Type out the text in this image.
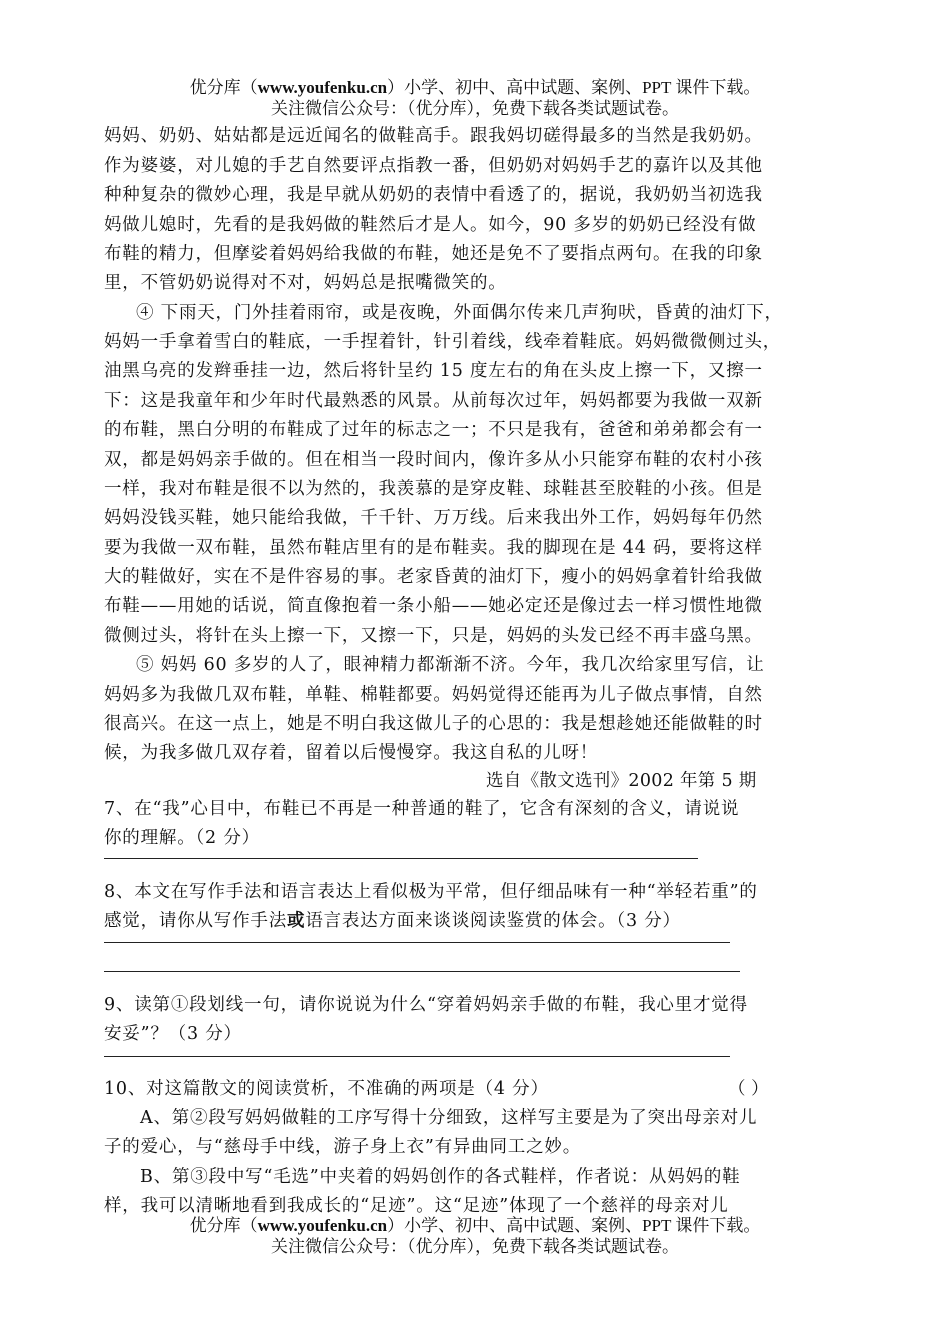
优分库（www.youfenku.cn）小学、初中、高中试题、案例、PPT 课件下载。
关注微信公众号：（优分库），免费下载各类试题试卷。
妈妈、奶奶、姑姑都是远近闻名的做鞋高手。跟我妈切磋得最多的当然是我奶奶。
作为婆婆，对儿媳的手艺自然要评点指教一番，但奶奶对妈妈手艺的嘉许以及其他
种种复杂的微妙心理，我是早就从奶奶的表情中看透了的，据说，我奶奶当初选我
妈做儿媳时，先看的是我妈做的鞋然后才是人。如今，90 多岁的奶奶已经没有做
布鞋的精力，但摩娑着妈妈给我做的布鞋，她还是免不了要指点两句。在我的印象
里，不管奶奶说得对不对，妈妈总是抿嘴微笑的。
④ 下雨天，门外挂着雨帘，或是夜晚，外面偶尔传来几声狗吠，昏黄的油灯下，
妈妈一手拿着雪白的鞋底，一手捏着针，针引着线，线牵着鞋底。妈妈微微侧过头，
油黑乌亮的发辫垂挂一边，然后将针呈约 15 度左右的角在头皮上擦一下，又擦一
下：这是我童年和少年时代最熟悉的风景。从前每次过年，妈妈都要为我做一双新
的布鞋，黑白分明的布鞋成了过年的标志之一；不只是我有，爸爸和弟弟都会有一
双，都是妈妈亲手做的。但在相当一段时间内，像许多从小只能穿布鞋的农村小孩
一样，我对布鞋是很不以为然的，我羡慕的是穿皮鞋、球鞋甚至胶鞋的小孩。但是
妈妈没钱买鞋，她只能给我做，千千针、万万线。后来我出外工作，妈妈每年仍然
要为我做一双布鞋，虽然布鞋店里有的是布鞋卖。我的脚现在是 44 码，要将这样
大的鞋做好，实在不是件容易的事。老家昏黄的油灯下，瘦小的妈妈拿着针给我做
布鞋——用她的话说，简直像抱着一条小船——她必定还是像过去一样习惯性地微
微侧过头，将针在头上擦一下，又擦一下，只是，妈妈的头发已经不再丰盛乌黑。
⑤ 妈妈 60 多岁的人了，眼神精力都渐渐不济。今年，我几次给家里写信，让
妈妈多为我做几双布鞋，单鞋、棉鞋都要。妈妈觉得还能再为儿子做点事情，自然
很高兴。在这一点上，她是不明白我这做儿子的心思的：我是想趁她还能做鞋的时
候，为我多做几双存着，留着以后慢慢穿。我这自私的儿呀！
选自《散文选刊》2002 年第 5 期
7、在“我”心目中，布鞋已不再是一种普通的鞋了，它含有深刻的含义，请说说
你的理解。（2 分）
8、本文在写作手法和语言表达上看似极为平常，但仔细品味有一种“举轻若重”的
感觉，请你从写作手法或语言表达方面来谈谈阅读鉴赏的体会。（3 分）
9、读第①段划线一句，请你说说为什么“穿着妈妈亲手做的布鞋，我心里才觉得
安妥”？（3 分）
10、对这篇散文的阅读赏析，不准确的两项是（4 分）	（ ）
A、第②段写妈妈做鞋的工序写得十分细致，这样写主要是为了突出母亲对儿
子的爱心，与“慈母手中线，游子身上衣”有异曲同工之妙。
B、第③段中写“毛选”中夹着的妈妈创作的各式鞋样，作者说：从妈妈的鞋
样，我可以清晰地看到我成长的“足迹”。这“足迹”体现了一个慈祥的母亲对儿
优分库（www.youfenku.cn）小学、初中、高中试题、案例、PPT 课件下载。
关注微信公众号：（优分库），免费下载各类试题试卷。
